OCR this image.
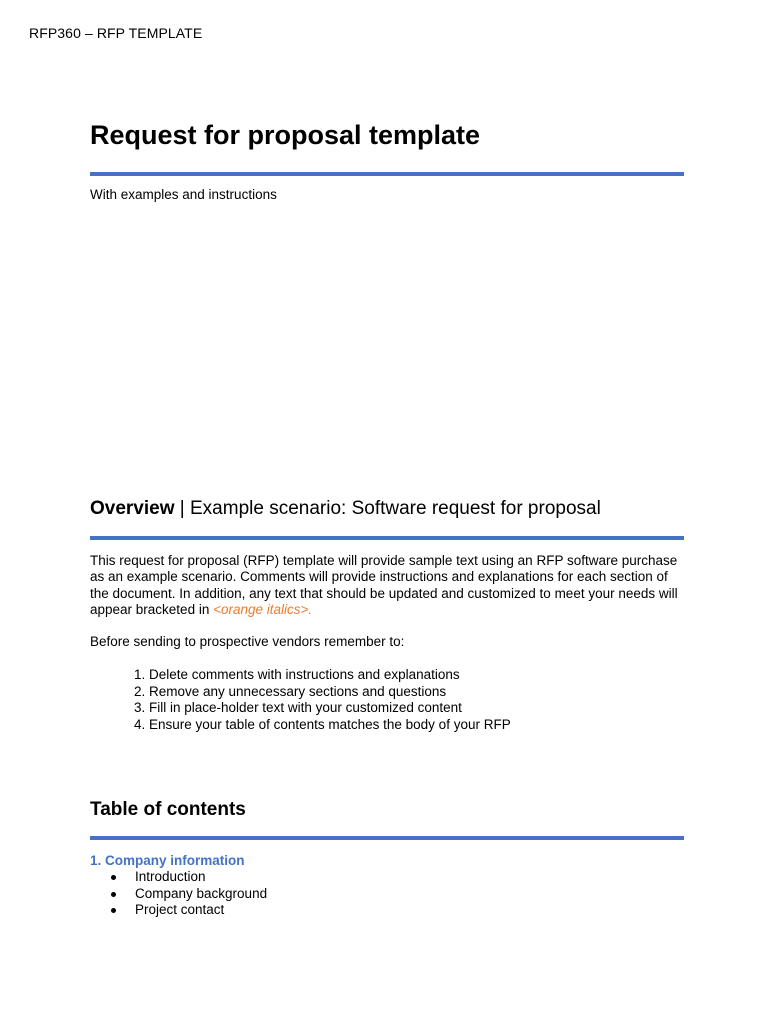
RFP360 – RFP TEMPLATE
Request for proposal template
With examples and instructions
Overview | Example scenario: Software request for proposal

This request for proposal (RFP) template will provide sample text using an RFP software purchase as an example scenario. Comments will provide instructions and explanations for each section of the document. In addition, any text that should be updated and customized to meet your needs will appear bracketed in <orange italics>.

Before sending to prospective vendors remember to:

1. Delete comments with instructions and explanations
2. Remove any unnecessary sections and questions
3. Fill in place-holder text with your customized content
4. Ensure your table of contents matches the body of your RFP
Table of contents
1. Company information
Introduction
Company background
Project contact
